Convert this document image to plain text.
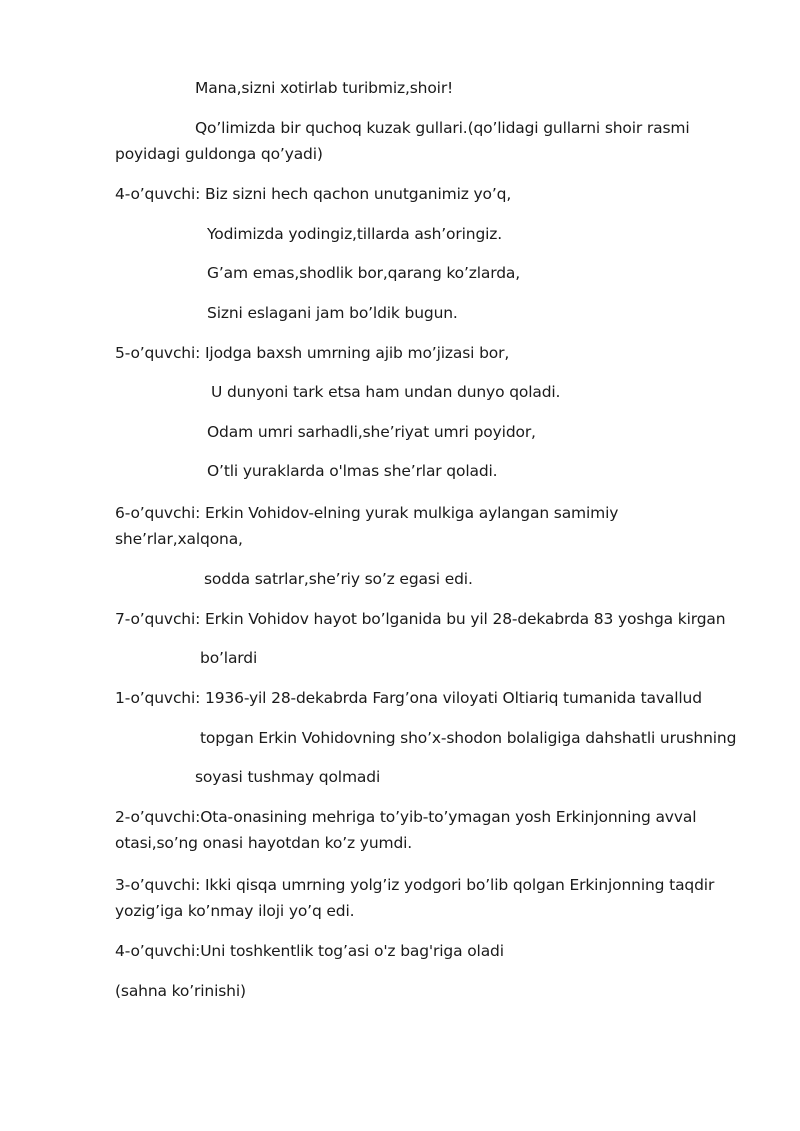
Mana,sizni xotirlab turibmiz,shoir!
Qo’limizda bir quchoq kuzak gullari.(qo’lidagi gullarni shoir rasmi poyidagi guldonga qo’yadi)
4-o’quvchi: Biz sizni hech qachon unutganimiz yo’q,
Yodimizda yodingiz,tillarda ash’oringiz.
G’am emas,shodlik bor,qarang ko’zlarda,
Sizni eslagani jam bo’ldik bugun.
5-o’quvchi: Ijodga baxsh umrning ajib mo’jizasi bor,
U dunyoni tark etsa ham undan dunyo qoladi.
Odam umri sarhadli,she’riyat umri poyidor,
O’tli yuraklarda o'lmas she’rlar qoladi.
6-o’quvchi: Erkin Vohidov-elning yurak mulkiga aylangan samimiy she’rlar,xalqona,
sodda satrlar,she’riy so’z egasi edi.
7-o’quvchi: Erkin Vohidov hayot bo’lganida bu yil 28-dekabrda 83 yoshga kirgan
bo’lardi
1-o’quvchi: 1936-yil 28-dekabrda Farg’ona viloyati Oltiariq tumanida tavallud
topgan Erkin Vohidovning sho’x-shodon bolaligiga dahshatli urushning
soyasi tushmay qolmadi
2-o’quvchi:Ota-onasining mehriga to’yib-to’ymagan yosh Erkinjonning avval otasi,so’ng onasi hayotdan ko’z yumdi.
3-o’quvchi: Ikki qisqa umrning yolg’iz yodgori bo’lib qolgan Erkinjonning taqdir yozig’iga ko’nmay iloji yo’q edi.
4-o’quvchi:Uni toshkentlik tog’asi o'z bag'riga oladi
(sahna ko’rinishi)
